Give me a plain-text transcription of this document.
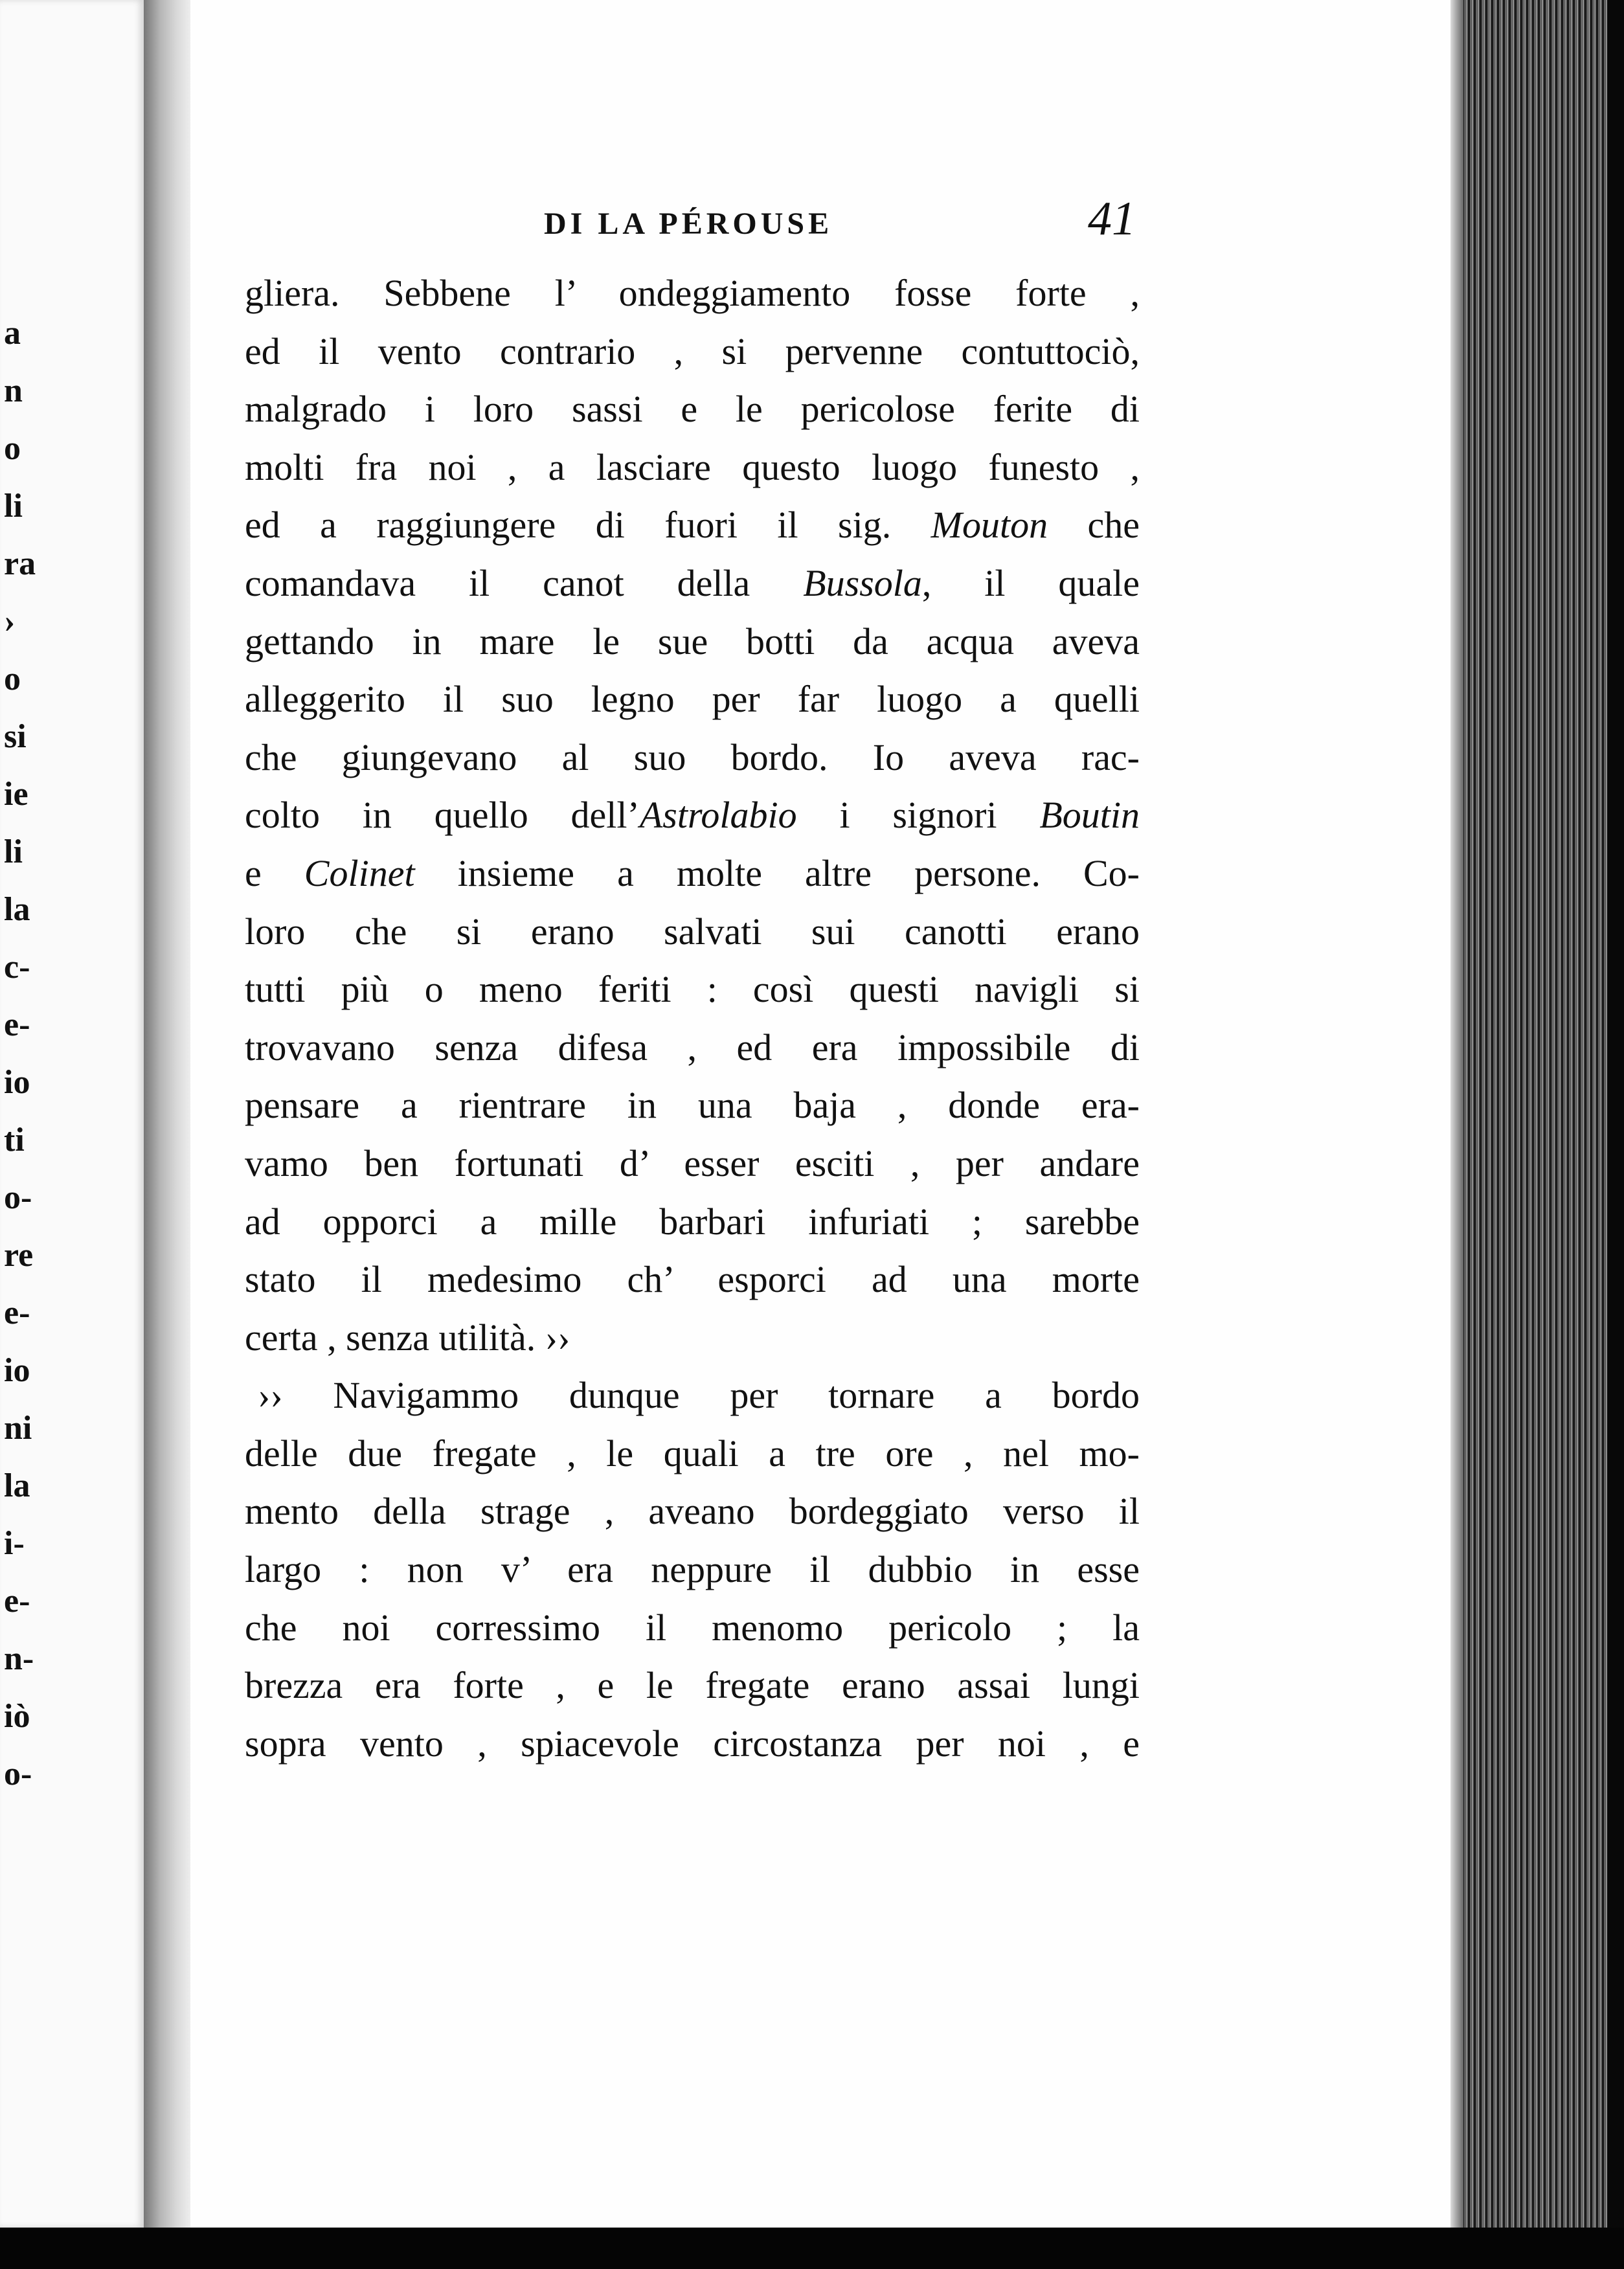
a
n
o
li
ra
›
o
si
ie
li
la
c-
e-
io
ti
o-
re
e-
io
ni
la
i-
e-
n-
iò
o-
DI LA PÉROUSE	41
gliera. Sebbene l’ ondeggiamento fosse forte ,
ed il vento contrario , si pervenne contuttociò,
malgrado i loro sassi e le pericolose ferite di
molti fra noi , a lasciare questo luogo funesto ,
ed a raggiungere di fuori il sig. Mouton che
comandava il canot della Bussola, il quale
gettando in mare le sue botti da acqua aveva
alleggerito il suo legno per far luogo a quelli
che giungevano al suo bordo. Io aveva rac-
colto in quello dell’Astrolabio i signori Boutin
e Colinet insieme a molte altre persone. Co-
loro che si erano salvati sui canotti erano
tutti più o meno feriti : così questi navigli si
trovavano senza difesa , ed era impossibile di
pensare a rientrare in una baja , donde era-
vamo ben fortunati d’ esser esciti , per andare
ad opporci a mille barbari infuriati ; sarebbe
stato il medesimo ch’ esporci ad una morte
certa , senza utilità. ››
›› Navigammo dunque per tornare a bordo
delle due fregate , le quali a tre ore , nel mo-
mento della strage , aveano bordeggiato verso il
largo : non v’ era neppure il dubbio in esse
che noi corressimo il menomo pericolo ; la
brezza era forte , e le fregate erano assai lungi
sopra vento , spiacevole circostanza per noi , e
